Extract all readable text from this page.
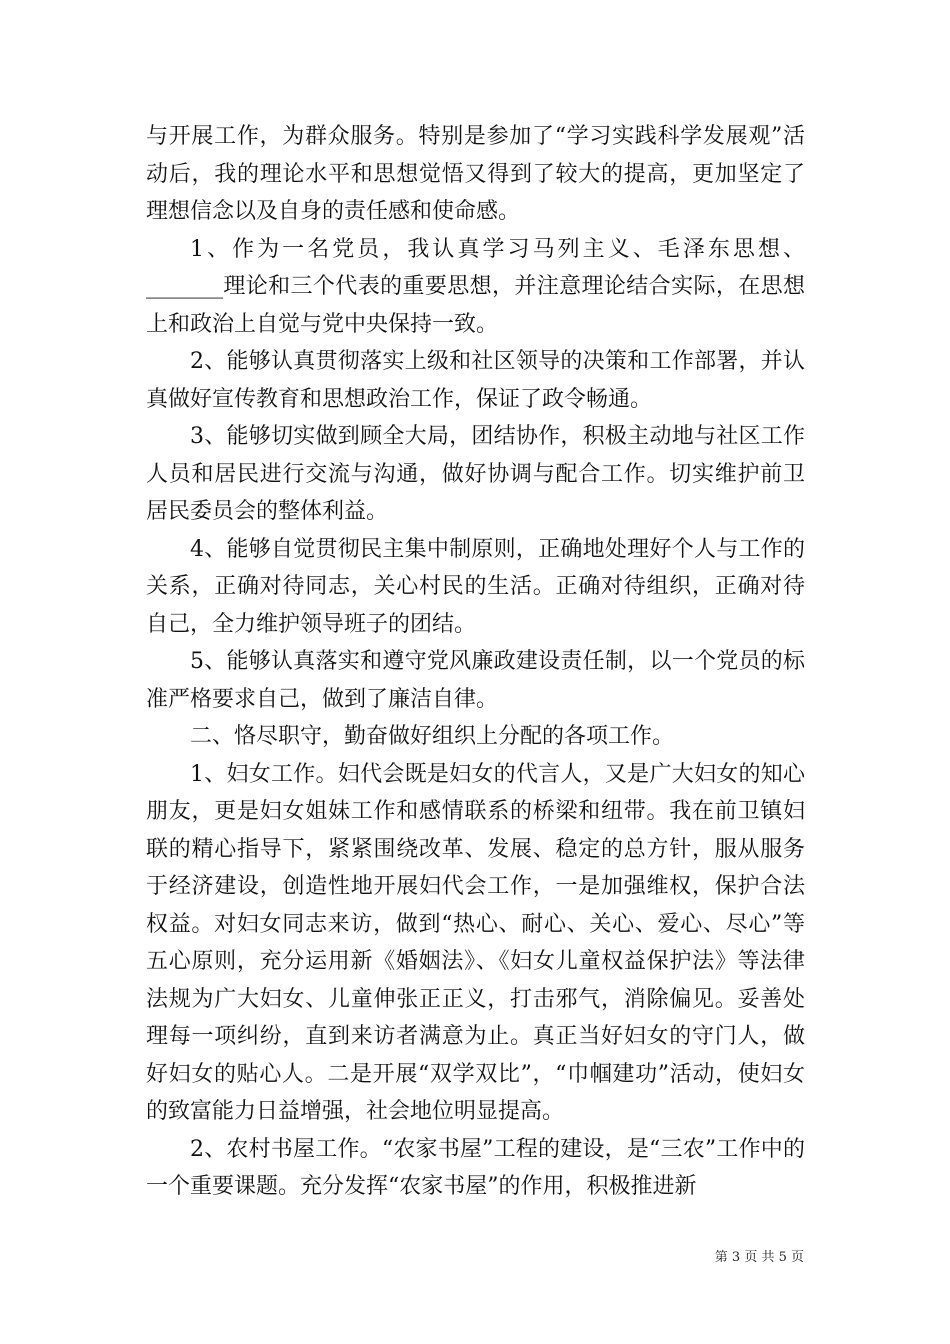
与开展工作，为群众服务。特别是参加了“学习实践科学发展观”活动后，我的理论水平和思想觉悟又得到了较大的提高，更加坚定了理想信念以及自身的责任感和使命感。

1、作为一名党员，我认真学习马列主义、毛泽东思想、_______理论和三个代表的重要思想，并注意理论结合实际，在思想上和政治上自觉与党中央保持一致。

2、能够认真贯彻落实上级和社区领导的决策和工作部署，并认真做好宣传教育和思想政治工作，保证了政令畅通。

3、能够切实做到顾全大局，团结协作，积极主动地与社区工作人员和居民进行交流与沟通，做好协调与配合工作。切实维护前卫居民委员会的整体利益。

4、能够自觉贯彻民主集中制原则，正确地处理好个人与工作的关系，正确对待同志，关心村民的生活。正确对待组织，正确对待自己，全力维护领导班子的团结。

5、能够认真落实和遵守党风廉政建设责任制，以一个党员的标准严格要求自己，做到了廉洁自律。

二、恪尽职守，勤奋做好组织上分配的各项工作。

1、妇女工作。妇代会既是妇女的代言人，又是广大妇女的知心朋友，更是妇女姐妹工作和感情联系的桥梁和纽带。我在前卫镇妇联的精心指导下，紧紧围绕改革、发展、稳定的总方针，服从服务于经济建设，创造性地开展妇代会工作，一是加强维权，保护合法权益。对妇女同志来访，做到“热心、耐心、关心、爱心、尽心”等五心原则，充分运用新《婚姻法》、《妇女儿童权益保护法》等法律法规为广大妇女、儿童伸张正正义，打击邪气，消除偏见。妥善处理每一项纠纷，直到来访者满意为止。真正当好妇女的守门人，做好妇女的贴心人。二是开展“双学双比”，“巾帼建功”活动，使妇女的致富能力日益增强，社会地位明显提高。

2、农村书屋工作。“农家书屋”工程的建设，是“三农”工作中的一个重要课题。充分发挥“农家书屋”的作用，积极推进新

第 3 页 共 5 页
